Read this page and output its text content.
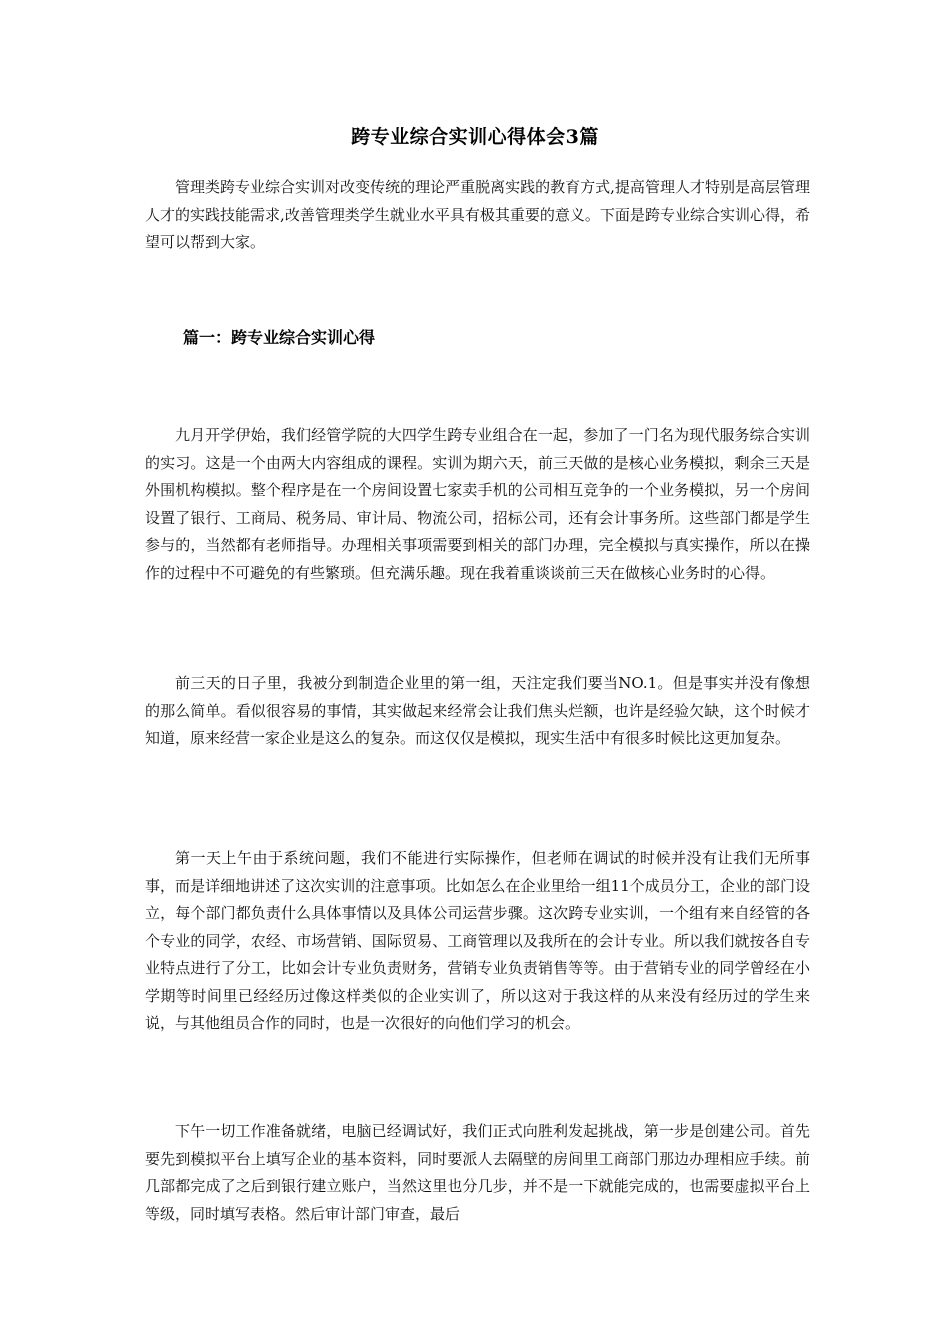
跨专业综合实训心得体会3篇

管理类跨专业综合实训对改变传统的理论严重脱离实践的教育方式,提高管理人才特别是高层管理人才的实践技能需求,改善管理类学生就业水平具有极其重要的意义。下面是跨专业综合实训心得，希望可以帮到大家。

篇一：跨专业综合实训心得

九月开学伊始，我们经管学院的大四学生跨专业组合在一起，参加了一门名为现代服务综合实训的实习。这是一个由两大内容组成的课程。实训为期六天，前三天做的是核心业务模拟，剩余三天是外围机构模拟。整个程序是在一个房间设置七家卖手机的公司相互竞争的一个业务模拟，另一个房间设置了银行、工商局、税务局、审计局、物流公司，招标公司，还有会计事务所。这些部门都是学生参与的，当然都有老师指导。办理相关事项需要到相关的部门办理，完全模拟与真实操作，所以在操作的过程中不可避免的有些繁琐。但充满乐趣。现在我着重谈谈前三天在做核心业务时的心得。

前三天的日子里，我被分到制造企业里的第一组，天注定我们要当NO.1。但是事实并没有像想的那么简单。看似很容易的事情，其实做起来经常会让我们焦头烂额，也许是经验欠缺，这个时候才知道，原来经营一家企业是这么的复杂。而这仅仅是模拟，现实生活中有很多时候比这更加复杂。

第一天上午由于系统问题，我们不能进行实际操作，但老师在调试的时候并没有让我们无所事事，而是详细地讲述了这次实训的注意事项。比如怎么在企业里给一组11个成员分工，企业的部门设立，每个部门都负责什么具体事情以及具体公司运营步骤。这次跨专业实训，一个组有来自经管的各个专业的同学，农经、市场营销、国际贸易、工商管理以及我所在的会计专业。所以我们就按各自专业特点进行了分工，比如会计专业负责财务，营销专业负责销售等等。由于营销专业的同学曾经在小学期等时间里已经经历过像这样类似的企业实训了，所以这对于我这样的从来没有经历过的学生来说，与其他组员合作的同时，也是一次很好的向他们学习的机会。

下午一切工作准备就绪，电脑已经调试好，我们正式向胜利发起挑战，第一步是创建公司。首先要先到模拟平台上填写企业的基本资料，同时要派人去隔壁的房间里工商部门那边办理相应手续。前几部都完成了之后到银行建立账户，当然这里也分几步，并不是一下就能完成的，也需要虚拟平台上等级，同时填写表格。然后审计部门审查，最后
